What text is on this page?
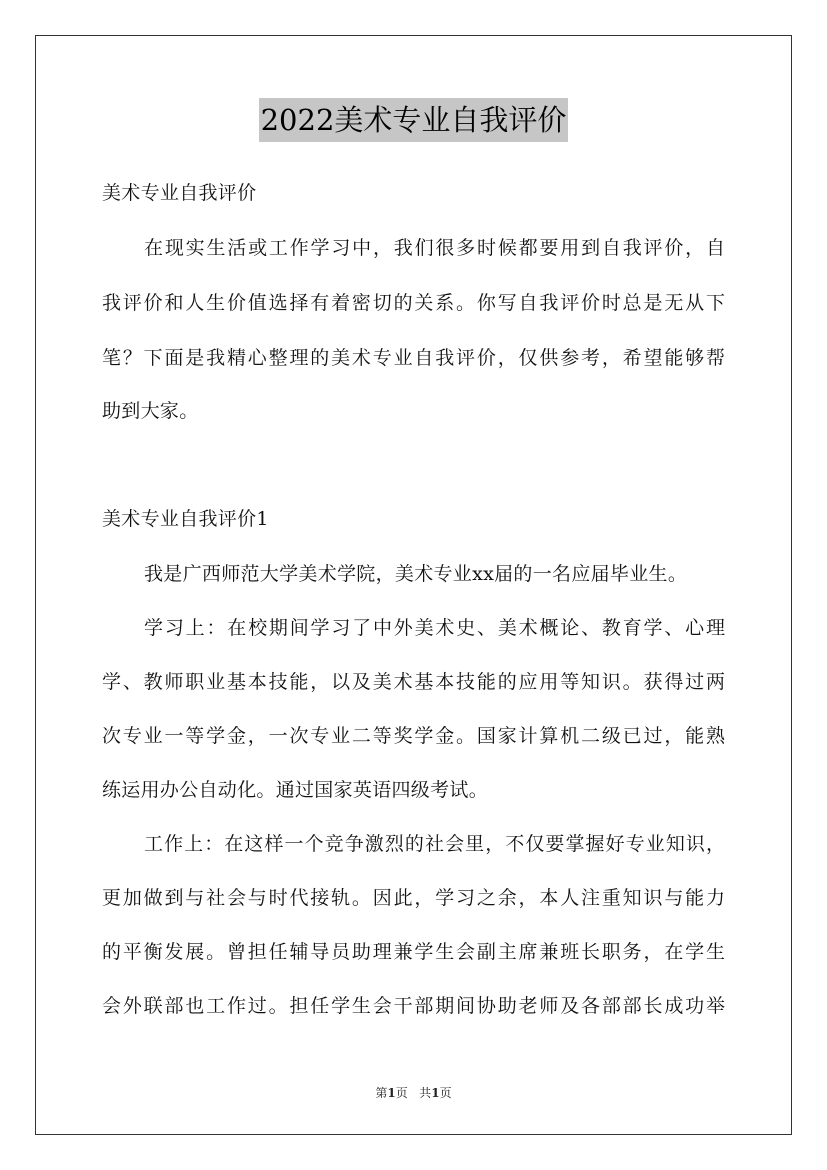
2022美术专业自我评价
美术专业自我评价
在现实生活或工作学习中，我们很多时候都要用到自我评价，自
我评价和人生价值选择有着密切的关系。你写自我评价时总是无从下
笔？下面是我精心整理的美术专业自我评价，仅供参考，希望能够帮
助到大家。
美术专业自我评价1
我是广西师范大学美术学院，美术专业xx届的一名应届毕业生。
学习上：在校期间学习了中外美术史、美术概论、教育学、心理
学、教师职业基本技能，以及美术基本技能的应用等知识。获得过两
次专业一等学金，一次专业二等奖学金。国家计算机二级已过，能熟
练运用办公自动化。通过国家英语四级考试。
工作上：在这样一个竞争激烈的社会里，不仅要掌握好专业知识，
更加做到与社会与时代接轨。因此，学习之余，本人注重知识与能力
的平衡发展。曾担任辅导员助理兼学生会副主席兼班长职务，在学生
会外联部也工作过。担任学生会干部期间协助老师及各部部长成功举
第1页 共1页
